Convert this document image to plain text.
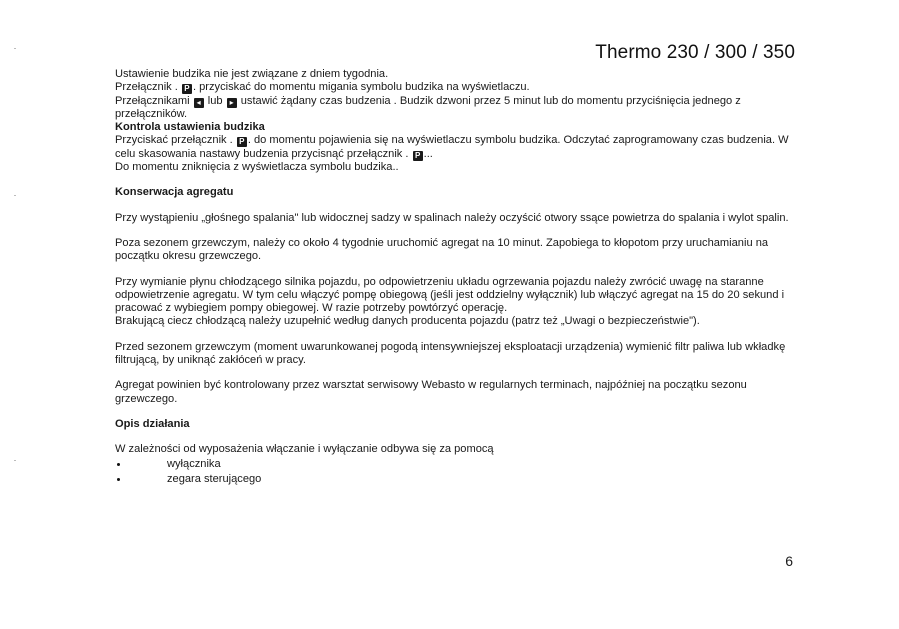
Thermo 230 / 300 / 350

Ustawienie budzika nie jest związane z dniem tygodnia.

Przełącznik . P . przyciskać do momentu migania symbolu budzika na wyświetlaczu.

Przełącznikami ◂ lub ▸ ustawić żądany czas budzenia . Budzik dzwoni przez 5 minut lub do momentu przyciśnięcia jednego z przełączników.

Kontrola ustawienia budzika

Przyciskać przełącznik . P . do momentu pojawienia się na wyświetlaczu symbolu budzika. Odczytać zaprogramowany czas budzenia. W celu skasowania nastawy budzenia przycisnąć przełącznik . P ...

Do momentu zniknięcia z wyświetlacza symbolu budzika..

Konserwacja agregatu

Przy wystąpieniu „głośnego spalania" lub widocznej sadzy w spalinach należy oczyścić otwory ssące powietrza do spalania i wylot spalin.

Poza sezonem grzewczym, należy co około 4 tygodnie uruchomić agregat na 10 minut. Zapobiega to kłopotom przy uruchamianiu na początku okresu grzewczego.

Przy wymianie płynu chłodzącego silnika pojazdu, po odpowietrzeniu układu ogrzewania pojazdu należy zwrócić uwagę na staranne odpowietrzenie agregatu. W tym celu włączyć pompę obiegową (jeśli jest oddzielny wyłącznik) lub włączyć agregat na 15 do 20 sekund i pracować z wybiegiem pompy obiegowej. W razie potrzeby powtórzyć operację.

Brakującą ciecz chłodzącą należy uzupełnić według danych producenta pojazdu (patrz też „Uwagi o bezpieczeństwie").

Przed sezonem grzewczym (moment uwarunkowanej pogodą intensywniejszej eksploatacji urządzenia) wymienić filtr paliwa lub wkładkę filtrującą, by uniknąć zakłóceń w pracy.

Agregat powinien być kontrolowany przez warsztat serwisowy Webasto w regularnych terminach, najpóźniej na początku sezonu grzewczego.

Opis działania

W zależności od wyposażenia włączanie i wyłączanie odbywa się za pomocą

wyłącznika
zegara sterującego
6
